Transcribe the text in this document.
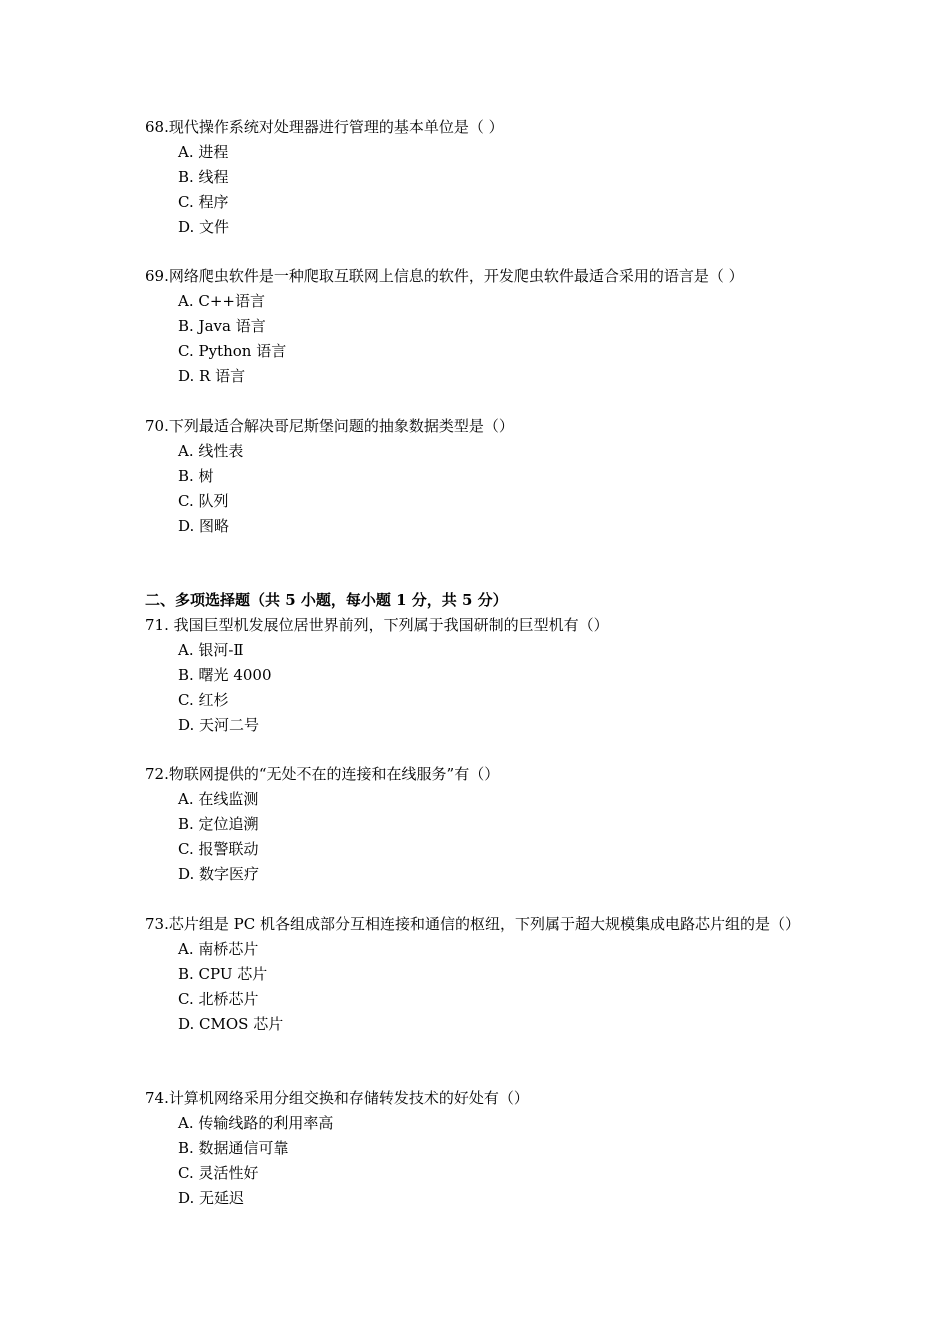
68.现代操作系统对处理器进行管理的基本单位是（ ）
A. 进程
B. 线程
C. 程序
D. 文件
69.网络爬虫软件是一种爬取互联网上信息的软件，开发爬虫软件最适合采用的语言是（ ）
A. C++语言
B. Java 语言
C. Python 语言
D. R 语言
70.下列最适合解决哥尼斯堡问题的抽象数据类型是（）
A. 线性表
B. 树
C. 队列
D. 图略
二、多项选择题（共 5 小题，每小题 1 分，共 5 分）
71. 我国巨型机发展位居世界前列，下列属于我国研制的巨型机有（）
A. 银河-Ⅱ
B. 曙光 4000
C. 红杉
D. 天河二号
72.物联网提供的“无处不在的连接和在线服务”有（）
A. 在线监测
B. 定位追溯
C. 报警联动
D. 数字医疗
73.芯片组是 PC 机各组成部分互相连接和通信的枢纽，下列属于超大规模集成电路芯片组的是（）
A. 南桥芯片
B. CPU 芯片
C. 北桥芯片
D. CMOS 芯片
74.计算机网络采用分组交换和存储转发技术的好处有（）
A. 传输线路的利用率高
B. 数据通信可靠
C. 灵活性好
D. 无延迟
